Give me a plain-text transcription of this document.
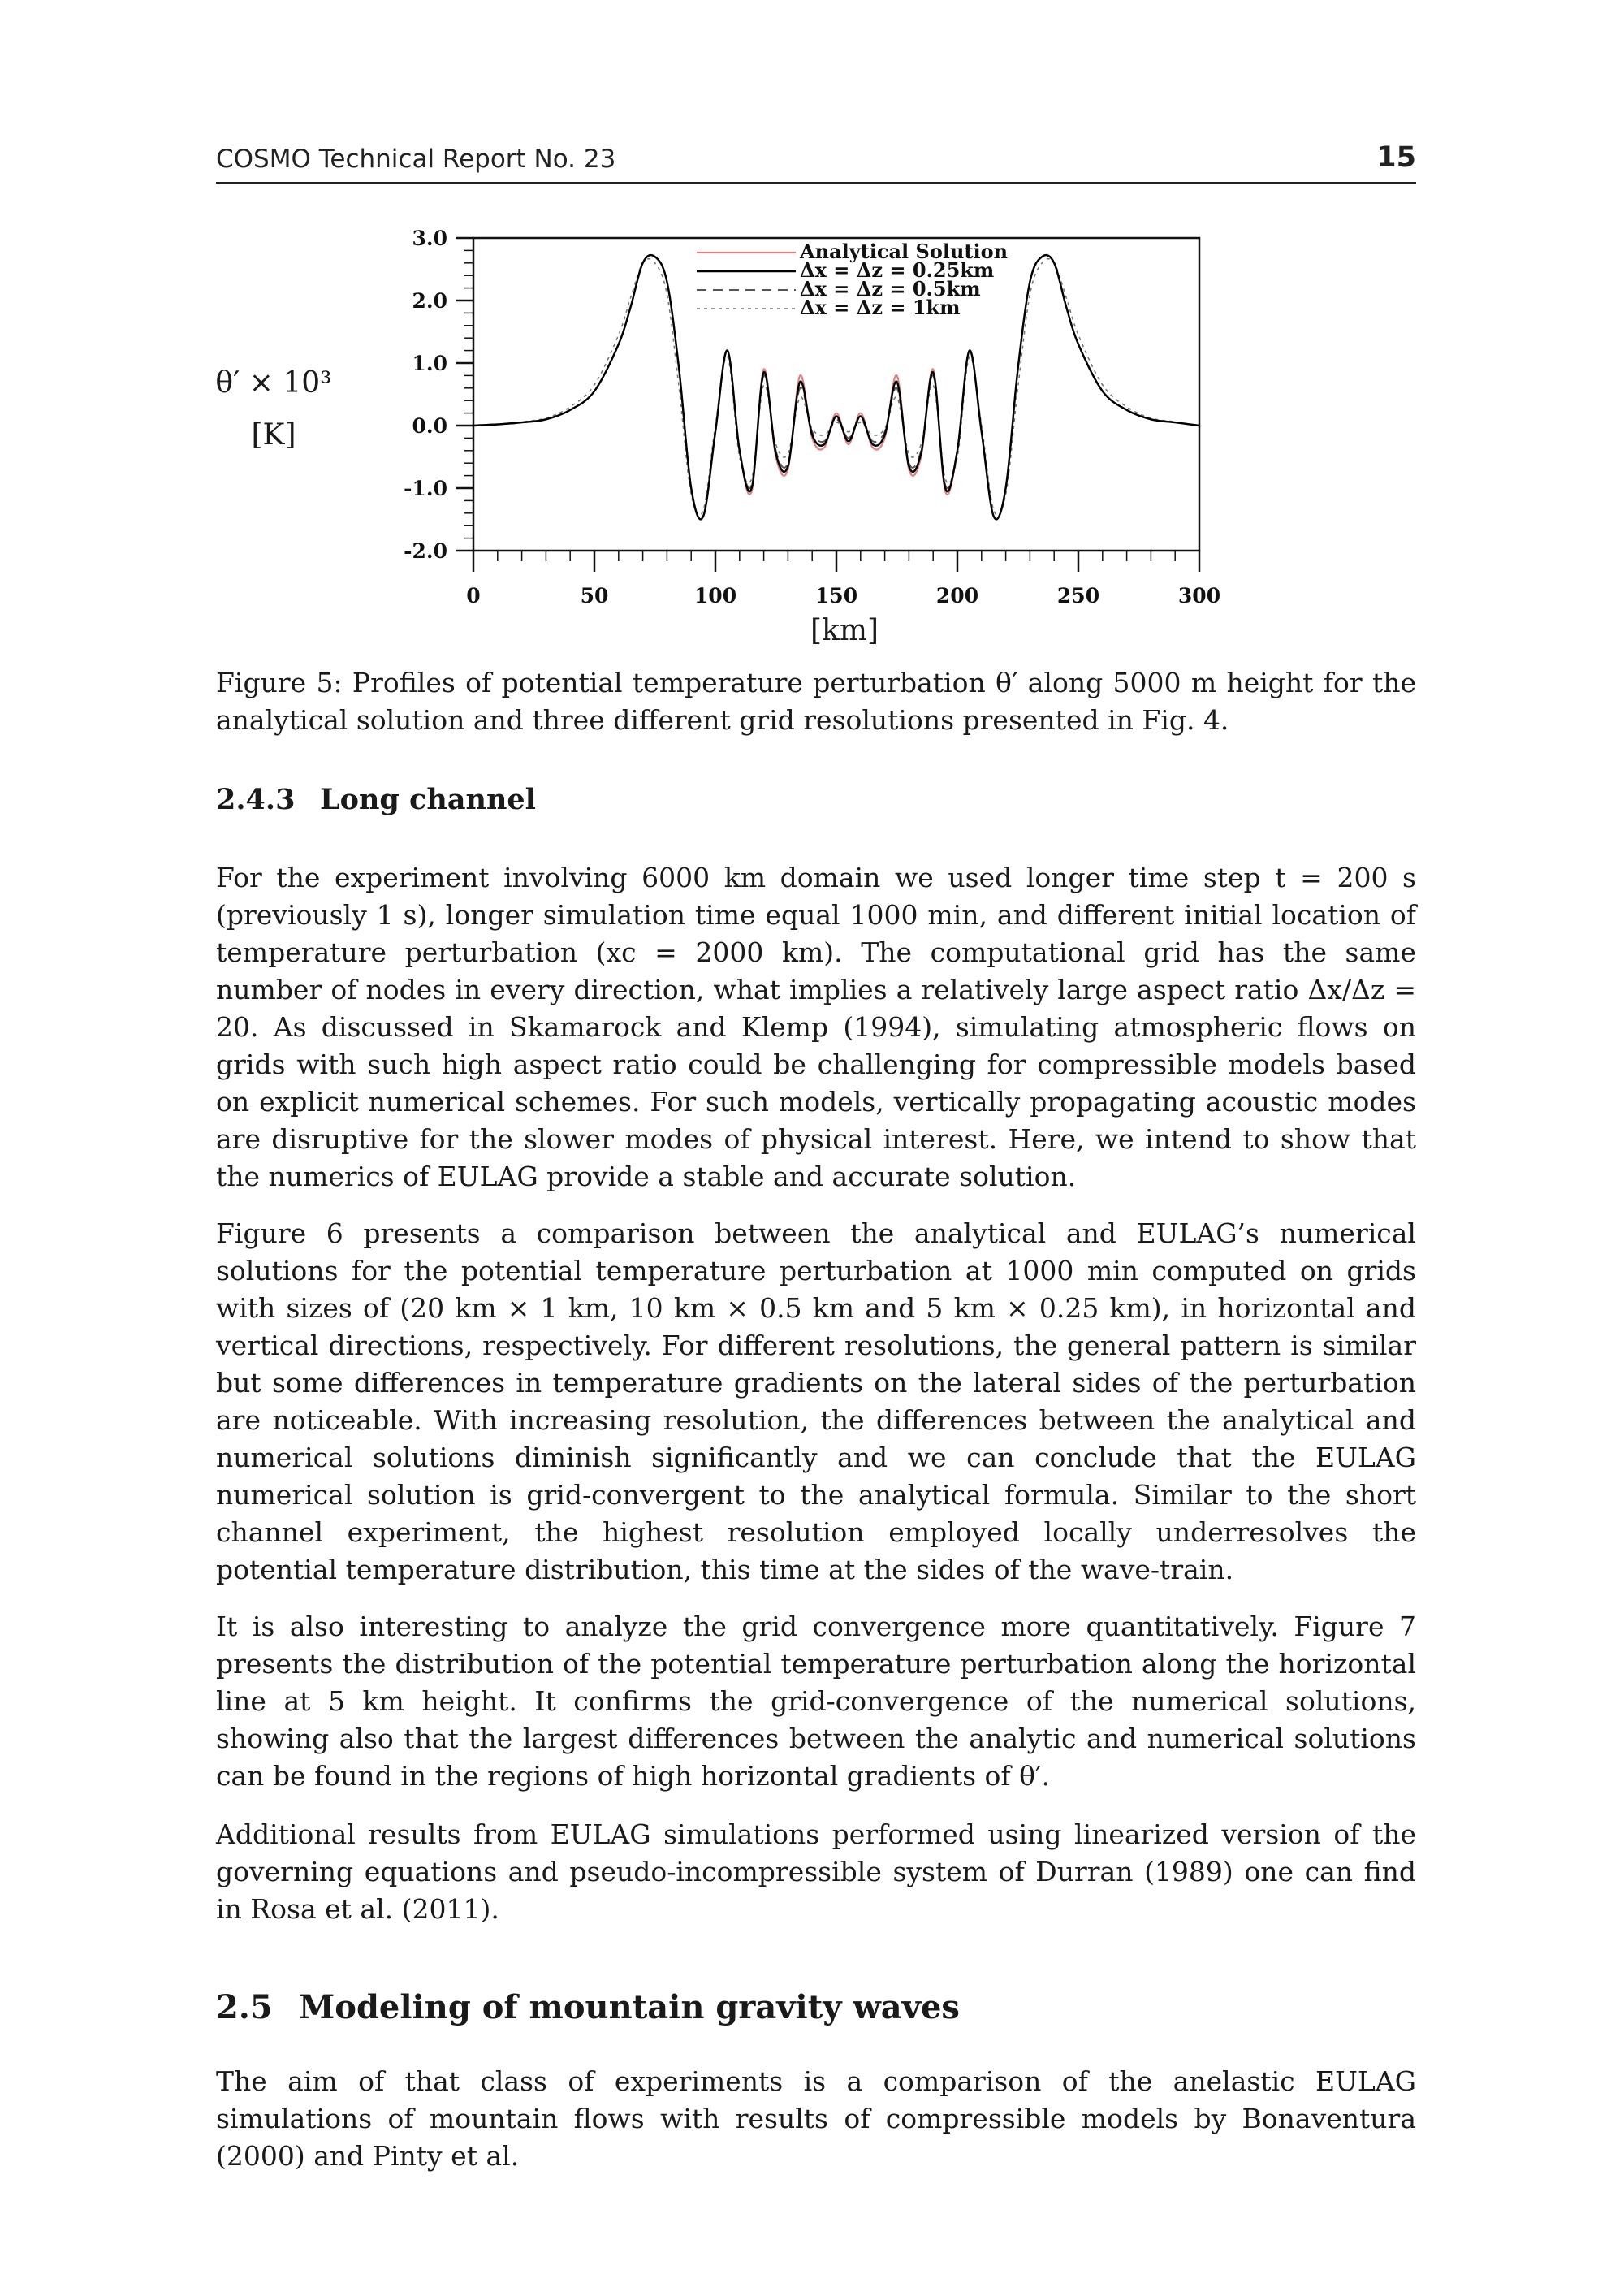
COSMO Technical Report No. 23	15
0	50	100	150	200	250	300
3.0
2.0
1.0
0.0
-1.0
-2.0
Analytical Solution
Δx = Δz = 0.25km
Δx = Δz = 0.5km
Δx = Δz = 1km
θ′ × 10³
[K]
[km]
Figure 5: Profiles of potential temperature perturbation θ′ along 5000 m height for the analytical solution and three different grid resolutions presented in Fig. 4.
2.4.3 Long channel

For the experiment involving 6000 km domain we used longer time step t = 200 s (previously 1 s), longer simulation time equal 1000 min, and different initial location of temperature perturbation (xc = 2000 km). The computational grid has the same number of nodes in every direction, what implies a relatively large aspect ratio Δx/Δz = 20. As discussed in Skamarock and Klemp (1994), simulating atmospheric flows on grids with such high aspect ratio could be challenging for compressible models based on explicit numerical schemes. For such models, vertically propagating acoustic modes are disruptive for the slower modes of physical interest. Here, we intend to show that the numerics of EULAG provide a stable and accurate solution.

Figure 6 presents a comparison between the analytical and EULAG’s numerical solutions for the potential temperature perturbation at 1000 min computed on grids with sizes of (20 km × 1 km, 10 km × 0.5 km and 5 km × 0.25 km), in horizontal and vertical directions, respectively. For different resolutions, the general pattern is similar but some differences in temperature gradients on the lateral sides of the perturbation are noticeable. With increasing resolution, the differences between the analytical and numerical solutions diminish significantly and we can conclude that the EULAG numerical solution is grid-convergent to the analytical formula. Similar to the short channel experiment, the highest resolution employed locally underresolves the potential temperature distribution, this time at the sides of the wave-train.

It is also interesting to analyze the grid convergence more quantitatively. Figure 7 presents the distribution of the potential temperature perturbation along the horizontal line at 5 km height. It confirms the grid-convergence of the numerical solutions, showing also that the largest differences between the analytic and numerical solutions can be found in the regions of high horizontal gradients of θ′.

Additional results from EULAG simulations performed using linearized version of the governing equations and pseudo-incompressible system of Durran (1989) one can find in Rosa et al. (2011).

2.5 Modeling of mountain gravity waves

The aim of that class of experiments is a comparison of the anelastic EULAG simulations of mountain flows with results of compressible models by Bonaventura (2000) and Pinty et al.
